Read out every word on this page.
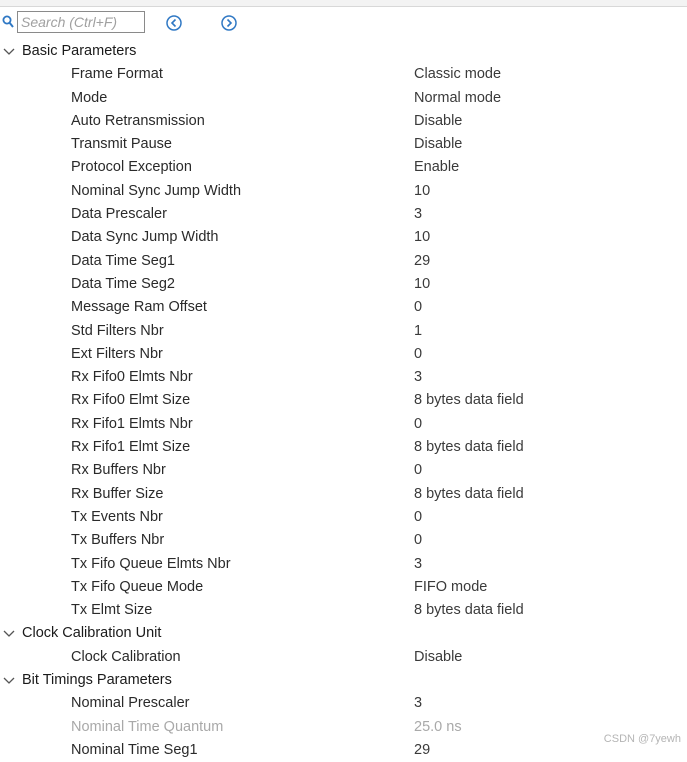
Search (Ctrl+F)
Basic Parameters
Frame Format	Classic mode
Mode	Normal mode
Auto Retransmission	Disable
Transmit Pause	Disable
Protocol Exception	Enable
Nominal Sync Jump Width	10
Data Prescaler	3
Data Sync Jump Width	10
Data Time Seg1	29
Data Time Seg2	10
Message Ram Offset	0
Std Filters Nbr	1
Ext Filters Nbr	0
Rx Fifo0 Elmts Nbr	3
Rx Fifo0 Elmt Size	8 bytes data field
Rx Fifo1 Elmts Nbr	0
Rx Fifo1 Elmt Size	8 bytes data field
Rx Buffers Nbr	0
Rx Buffer Size	8 bytes data field
Tx Events Nbr	0
Tx Buffers Nbr	0
Tx Fifo Queue Elmts Nbr	3
Tx Fifo Queue Mode	FIFO mode
Tx Elmt Size	8 bytes data field
Clock Calibration Unit
Clock Calibration	Disable
Bit Timings Parameters
Nominal Prescaler	3
Nominal Time Quantum	25.0 ns
Nominal Time Seg1	29
CSDN @7yewh
